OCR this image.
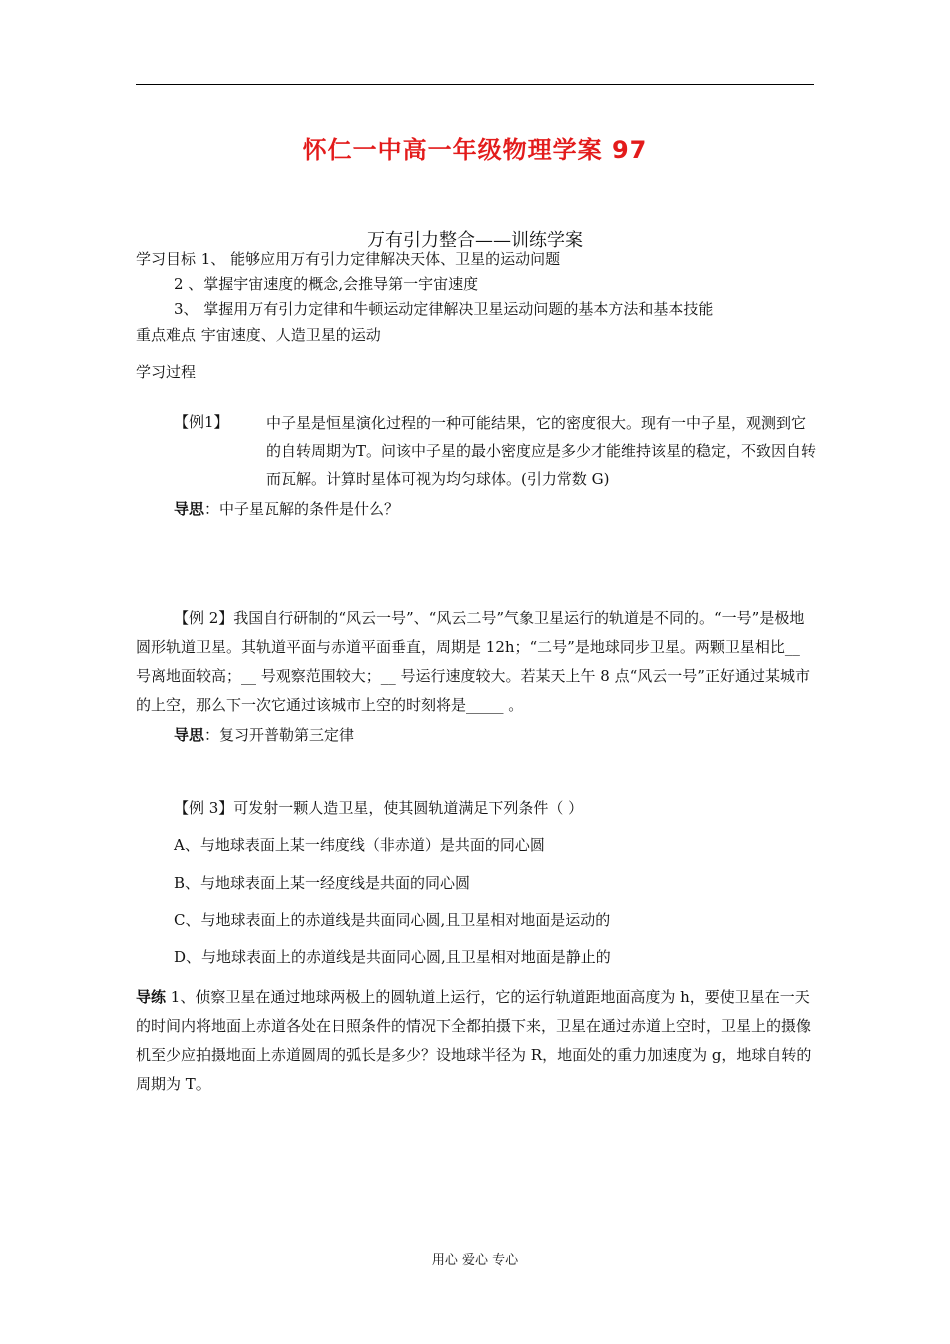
怀仁一中高一年级物理学案 97
万有引力整合——训练学案
学习目标 1、 能够应用万有引力定律解决天体、卫星的运动问题
2 、掌握宇宙速度的概念,会推导第一宇宙速度
3、 掌握用万有引力定律和牛顿运动定律解决卫星运动问题的基本方法和基本技能
重点难点 宇宙速度、人造卫星的运动
学习过程
【例1】 中子星是恒星演化过程的一种可能结果，它的密度很大。现有一中子星，观测到它的自转周期为T。问该中子星的最小密度应是多少才能维持该星的稳定，不致因自转而瓦解。计算时星体可视为均匀球体。(引力常数 G)
导思：中子星瓦解的条件是什么？
【例 2】我国自行研制的“风云一号”、“风云二号”气象卫星运行的轨道是不同的。“一号”是极地圆形轨道卫星。其轨道平面与赤道平面垂直，周期是 12h；“二号”是地球同步卫星。两颗卫星相比__ 号离地面较高；__ 号观察范围较大；__ 号运行速度较大。若某天上午 8 点“风云一号”正好通过某城市的上空，那么下一次它通过该城市上空的时刻将是_____ 。
导思：复习开普勒第三定律
【例 3】可发射一颗人造卫星，使其圆轨道满足下列条件（ ）
A、与地球表面上某一纬度线（非赤道）是共面的同心圆
B、与地球表面上某一经度线是共面的同心圆
C、与地球表面上的赤道线是共面同心圆,且卫星相对地面是运动的
D、与地球表面上的赤道线是共面同心圆,且卫星相对地面是静止的
导练 1、侦察卫星在通过地球两极上的圆轨道上运行，它的运行轨道距地面高度为 h，要使卫星在一天的时间内将地面上赤道各处在日照条件的情况下全都拍摄下来，卫星在通过赤道上空时，卫星上的摄像机至少应拍摄地面上赤道圆周的弧长是多少？设地球半径为 R，地面处的重力加速度为 g，地球自转的周期为 T。
用心 爱心 专心
